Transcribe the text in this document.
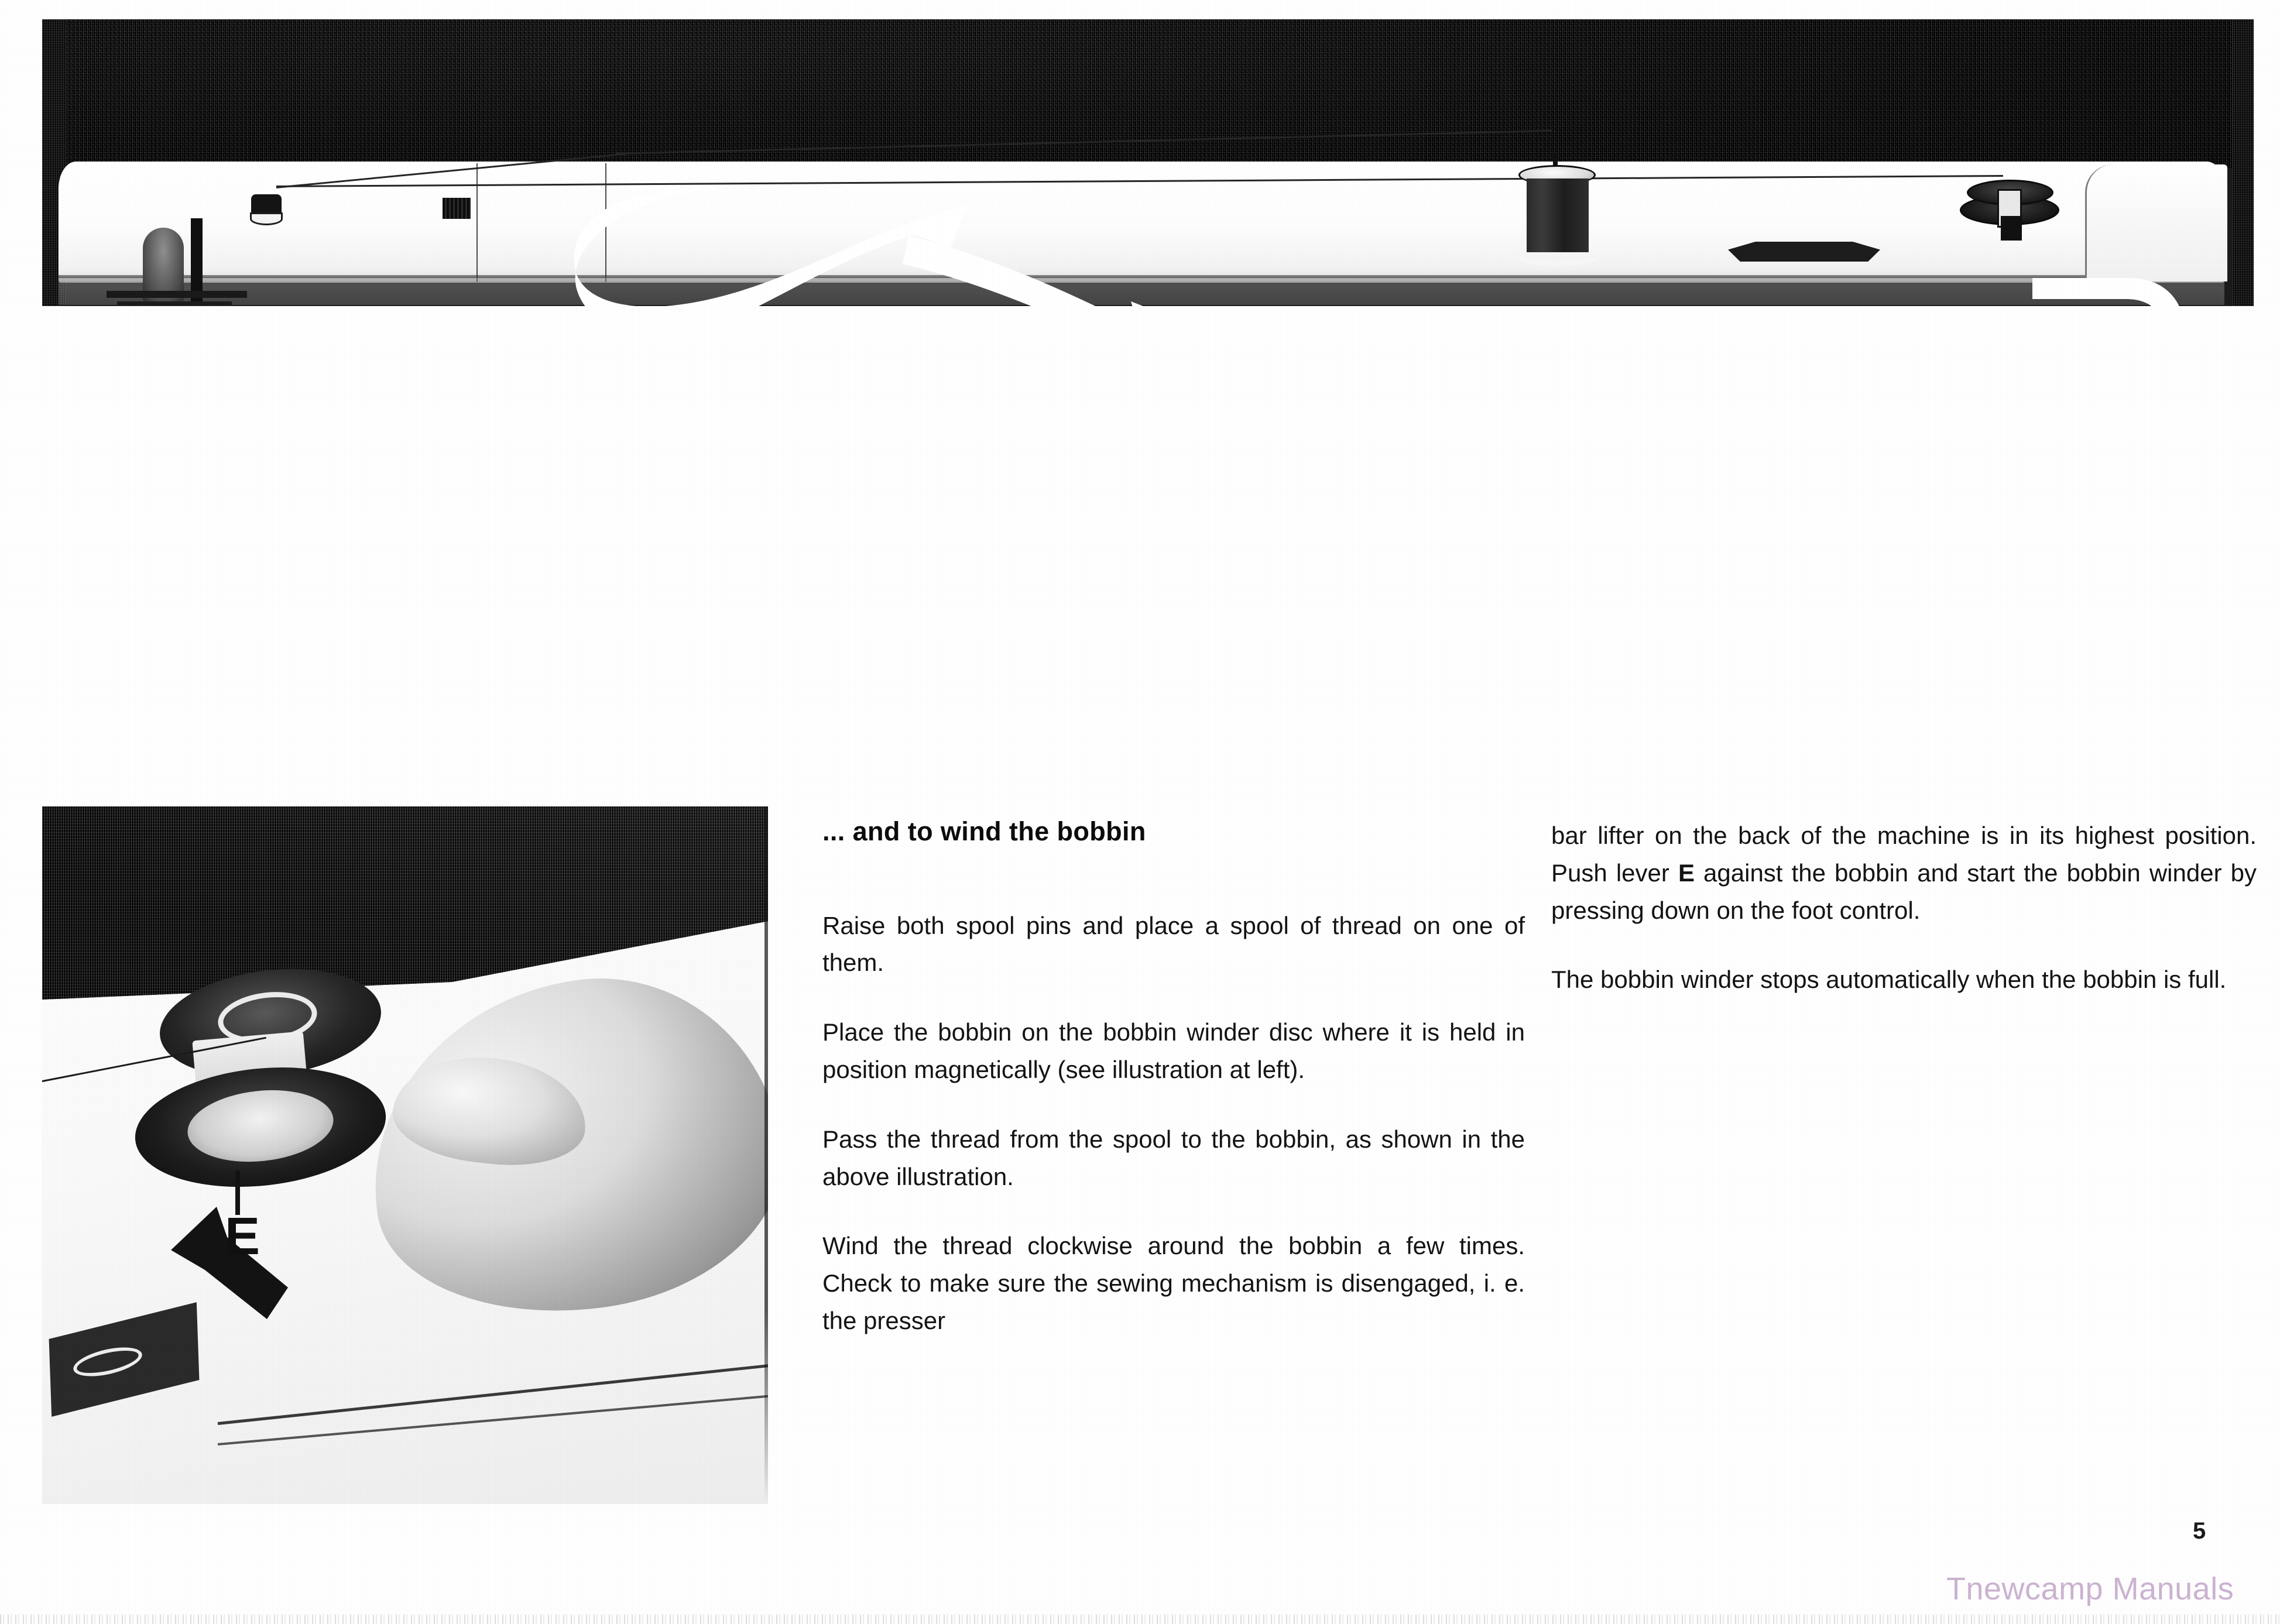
E
... and to wind the bobbin

Raise both spool pins and place a spool of thread on one of them.

Place the bobbin on the bobbin winder disc where it is held in position magnetically (see illustration at left).

Pass the thread from the spool to the bobbin, as shown in the above illustration.

Wind the thread clockwise around the bobbin a few times. Check to make sure the sewing mechanism is disengaged, i. e. the presser

bar lifter on the back of the machine is in its highest position. Push lever E against the bobbin and start the bobbin winder by pressing down on the foot control.

The bobbin winder stops automatically when the bobbin is full.

5
Tnewcamp Manuals
